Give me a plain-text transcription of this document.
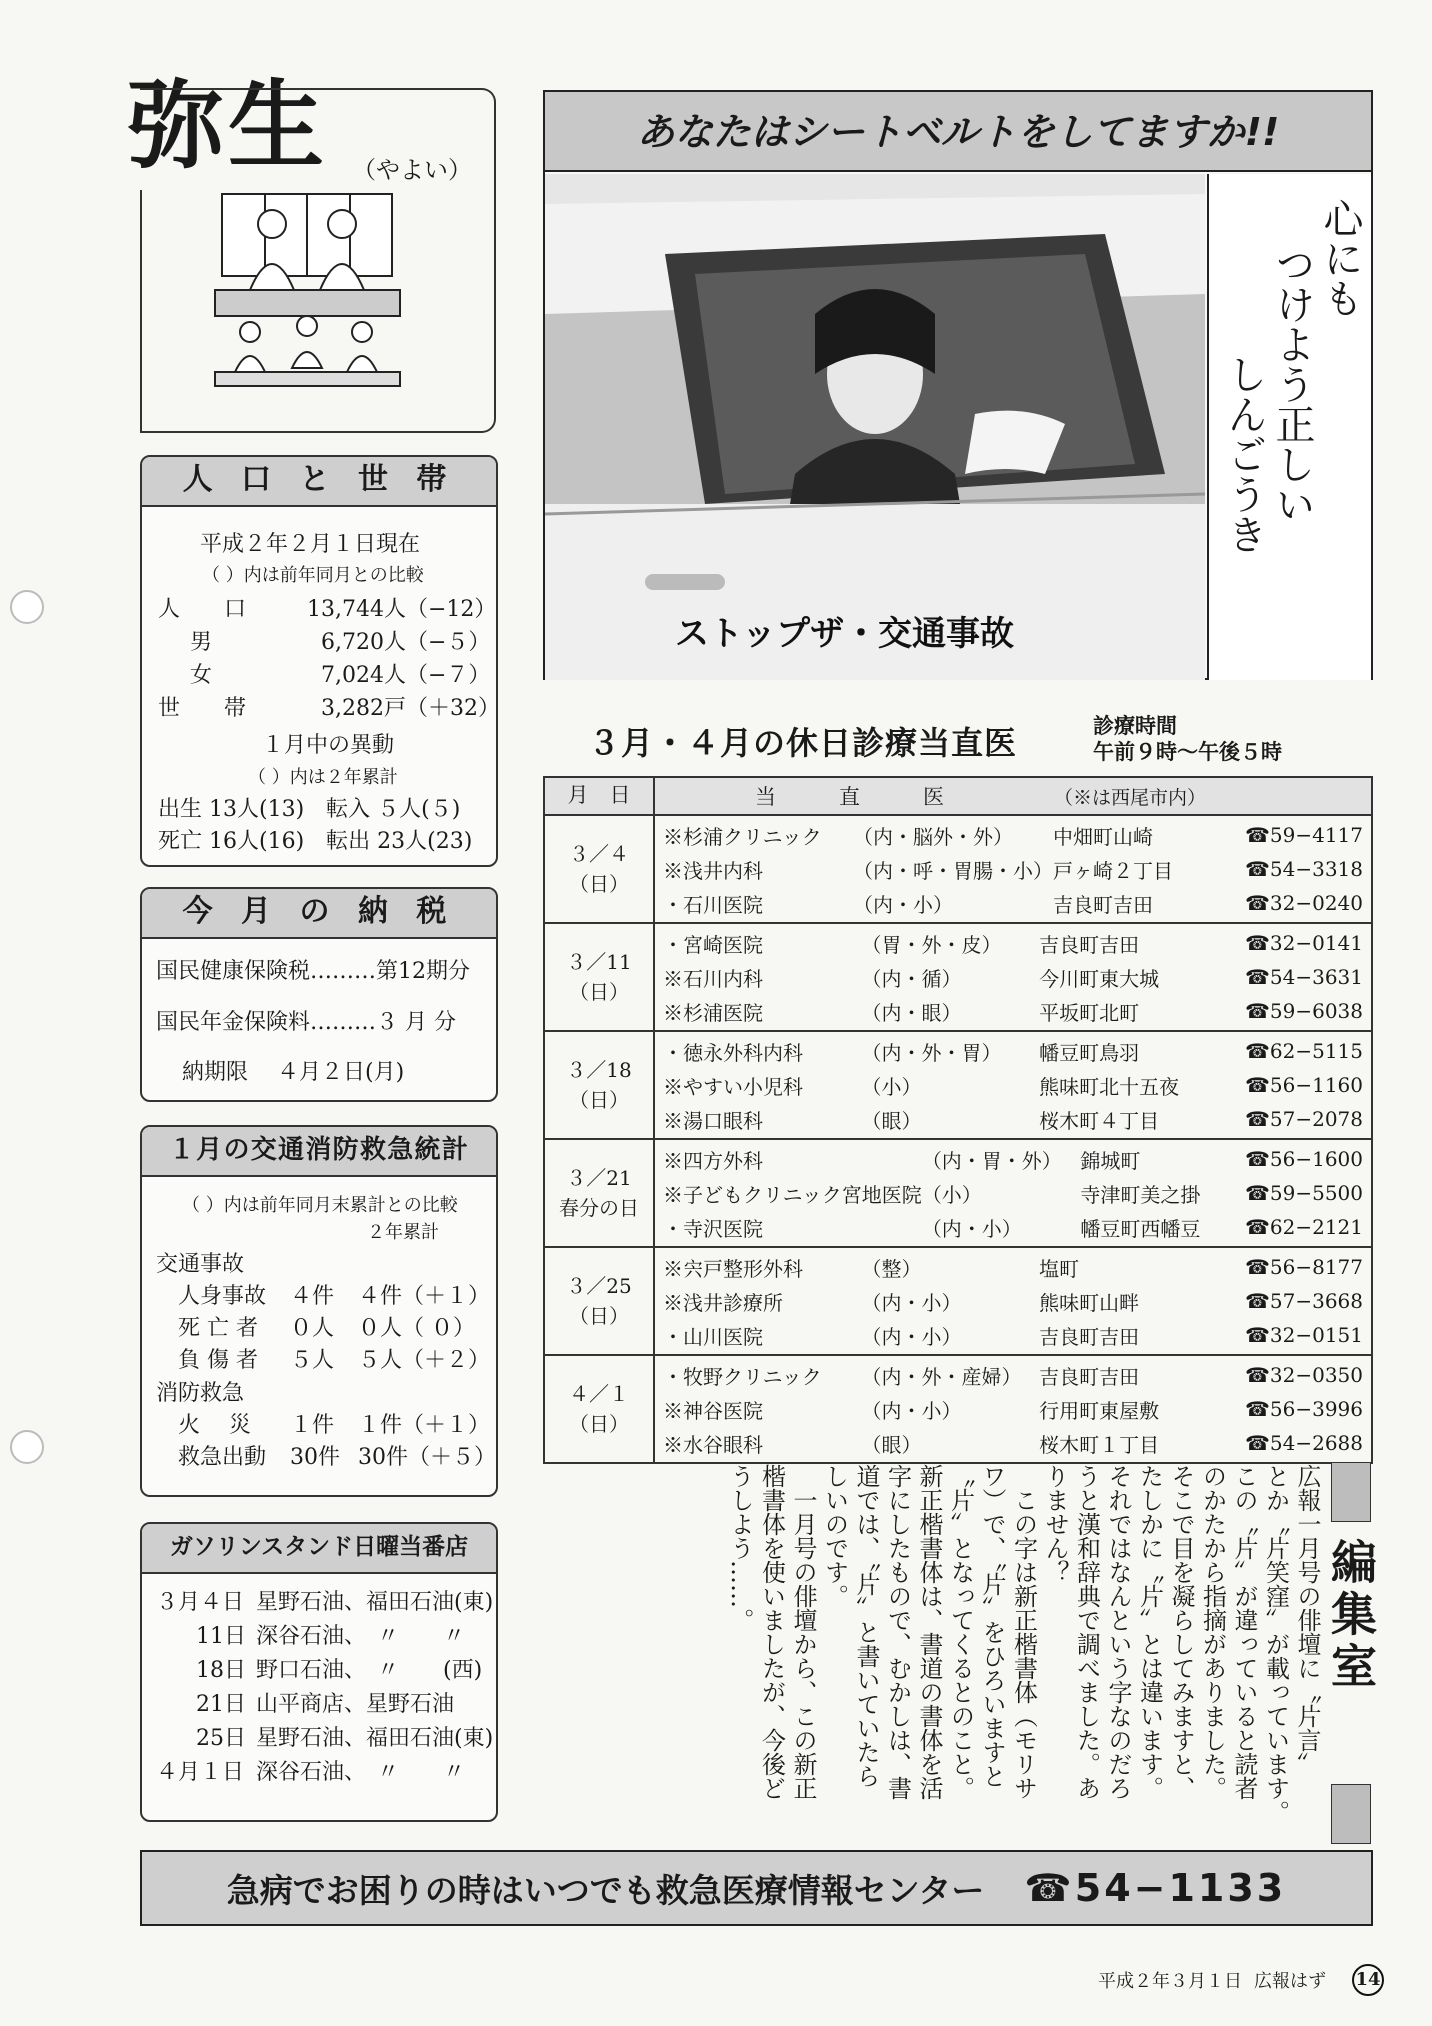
弥生 （やよい）
人 口 と 世 帯
平成２年２月１日現在
（ ）内は前年同月との比較
人　　口	13,744人（−12）
男	6,720人（−５）
女	7,024人（−７）
世　　帯	3,282戸（＋32）
１月中の異動
（ ）内は２年累計
出生 13人(13)　転入 ５人(５)
死亡 16人(16)　転出 23人(23)
今 月 の 納 税
国民健康保険税………第12期分
国民年金保険料………３ 月 分
納期限　 ４月２日(月)
１月の交通消防救急統計
（ ）内は前年同月末累計との比較
２年累計
交通事故
人身事故 ４件 ４件（＋１）
死 亡 者 ０人 ０人（ ０）
負 傷 者 ５人 ５人（＋２）
消防救急
火　 災 １件 １件（＋１）
救急出動 30件 30件（＋５）
ガソリンスタンド日曜当番店
３月４日 星野石油、福田石油(東)
11日 深谷石油、　〃　　〃
18日 野口石油、　〃　　(西)
21日 山平商店、星野石油
25日 星野石油、福田石油(東)
４月１日 深谷石油、　〃　　〃
あなたはシートベルトをしてますか!!
ストップザ・交通事故
心にも
つけよう正しい
しんごうき
３月・４月の休日診療当直医	診療時間
午前９時〜午後５時
月　日	当　　　直　　　医	（※は西尾市内）

３／４
（日）

※杉浦クリニック	（内・脳外・外）	中畑町山崎	☎59−4117
※浅井内科	（内・呼・胃腸・小）	戸ヶ崎２丁目	☎54−3318
・石川医院	（内・小）	吉良町吉田	☎32−0240

３／11
（日）

・宮崎医院	（胃・外・皮）	吉良町吉田	☎32−0141
※石川内科	（内・循）	今川町東大城	☎54−3631
※杉浦医院	（内・眼）	平坂町北町	☎59−6038

３／18
（日）

・徳永外科内科	（内・外・胃）	幡豆町鳥羽	☎62−5115
※やすい小児科	（小）	熊味町北十五夜	☎56−1160
※湯口眼科	（眼）	桜木町４丁目	☎57−2078

３／21
春分の日

※四方外科	（内・胃・外）	錦城町	☎56−1600
※子どもクリニック宮地医院	（小）	寺津町美之掛	☎59−5500
・寺沢医院	（内・小）	幡豆町西幡豆	☎62−2121

３／25
（日）

※宍戸整形外科	（整）	塩町	☎56−8177
※浅井診療所	（内・小）	熊味町山畔	☎57−3668
・山川医院	（内・小）	吉良町吉田	☎32−0151

４／１
（日）

・牧野クリニック	（内・外・産婦）	吉良町吉田	☎32−0350
※神谷医院	（内・小）	行用町東屋敷	☎56−3996
※水谷眼科	（眼）	桜木町１丁目	☎54−2688
編集室
広報一月号の俳壇に〝片言〟
とか〝片笑窪〟が載っています。
この〝片〟が違っていると読者
のかたから指摘がありました。
そこで目を凝らしてみますと、
たしかに〝片〟とは違います。
それではなんという字なのだろ
うと漢和辞典で調べました。あ
りません？
この字は新正楷書体（モリサ
ワ）で、〝片〟をひろいますと
〝片〟となってくるとのこと。
新正楷書体は、書道の書体を活
字にしたもので、むかしは、書
道では、〝片〟と書いていたら
しいのです。
一月号の俳壇から、この新正
楷書体を使いましたが、今後ど
うしよう……。
急病でお困りの時はいつでも救急医療情報センター ☎54−1133
平成２年３月１日 広報はず 14
